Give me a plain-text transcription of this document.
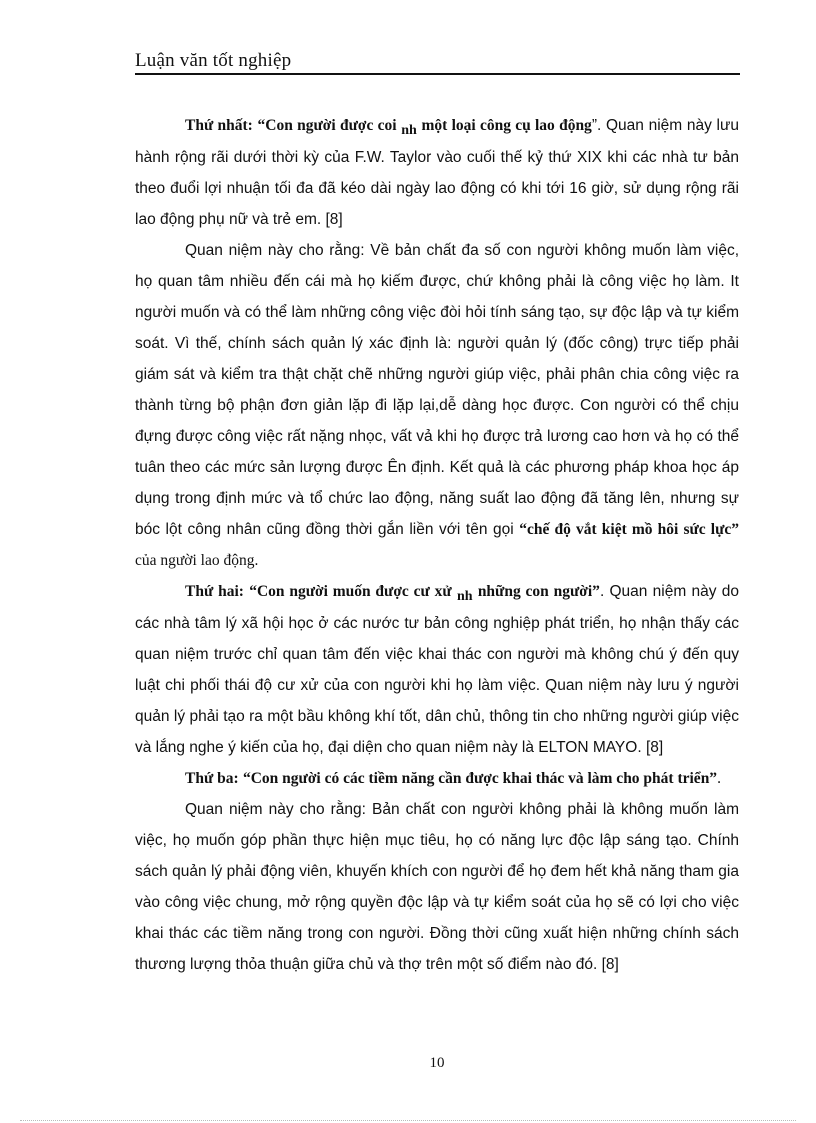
Luận văn tốt nghiệp

Thứ nhất: “Con người được coi nh một loại công cụ lao động”. Quan niệm này lưu hành rộng rãi dưới thời kỳ của F.W. Taylor vào cuối thế kỷ thứ XIX khi các nhà tư bản theo đuổi lợi nhuận tối đa đã kéo dài ngày lao động có khi tới 16 giờ, sử dụng rộng rãi lao động phụ nữ và trẻ em. [8]

Quan niệm này cho rằng: Về bản chất đa số con người không muốn làm việc, họ quan tâm nhiều đến cái mà họ kiếm được, chứ không phải là công việc họ làm. It người muốn và có thể làm những công việc đòi hỏi tính sáng tạo, sự độc lập và tự kiểm soát. Vì thế, chính sách quản lý xác định là: người quản lý (đốc công) trực tiếp phải giám sát và kiểm tra thật chặt chẽ những người giúp việc, phải phân chia công việc ra thành từng bộ phận đơn giản lặp đi lặp lại,dễ dàng học được. Con người có thể chịu đựng được công việc rất nặng nhọc, vất vả khi họ được trả lương cao hơn và họ có thể tuân theo các mức sản lượng được Ên định. Kết quả là các phương pháp khoa học áp dụng trong định mức và tổ chức lao động, năng suất lao động đã tăng lên, nhưng sự bóc lột công nhân cũng đồng thời gắn liền với tên gọi “chế độ vắt kiệt mồ hôi sức lực” của người lao động.

Thứ hai: “Con người muốn được cư xử nh những con người”. Quan niệm này do các nhà tâm lý xã hội học ở các nước tư bản công nghiệp phát triển, họ nhận thấy các quan niệm trước chỉ quan tâm đến việc khai thác con người mà không chú ý đến quy luật chi phối thái độ cư xử của con người khi họ làm việc. Quan niệm này lưu ý người quản lý phải tạo ra một bầu không khí tốt, dân chủ, thông tin cho những người giúp việc và lắng nghe ý kiến của họ, đại diện cho quan niệm này là ELTON MAYO. [8]

Thứ ba: “Con người có các tiềm năng cần được khai thác và làm cho phát triển”.

Quan niệm này cho rằng: Bản chất con người không phải là không muốn làm việc, họ muốn góp phần thực hiện mục tiêu, họ có năng lực độc lập sáng tạo. Chính sách quản lý phải động viên, khuyến khích con người để họ đem hết khả năng tham gia vào công việc chung, mở rộng quyền độc lập và tự kiểm soát của họ sẽ có lợi cho việc khai thác các tiềm năng trong con người. Đồng thời cũng xuất hiện những chính sách thương lượng thỏa thuận giữa chủ và thợ trên một số điểm nào đó. [8]

10
